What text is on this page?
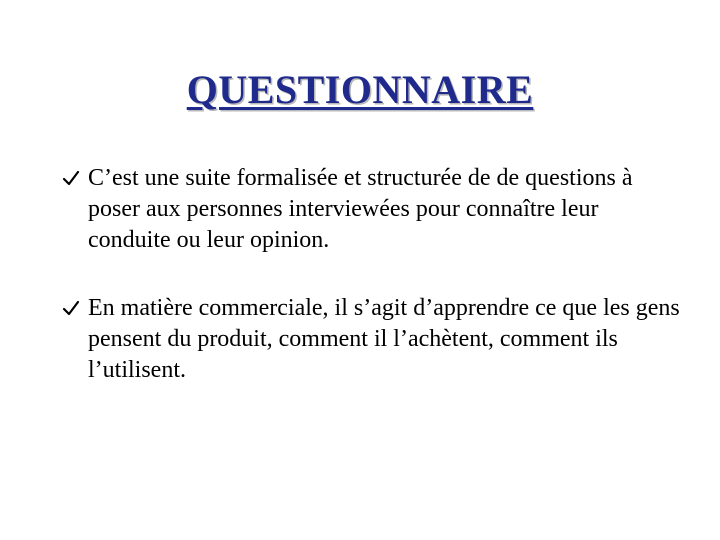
QUESTIONNAIRE
C’est une suite formalisée et structurée de de questions à poser aux personnes interviewées pour connaître leur conduite ou leur opinion.
En matière commerciale, il s’agit d’apprendre ce que les gens pensent du produit, comment il l’achètent, comment ils l’utilisent.
